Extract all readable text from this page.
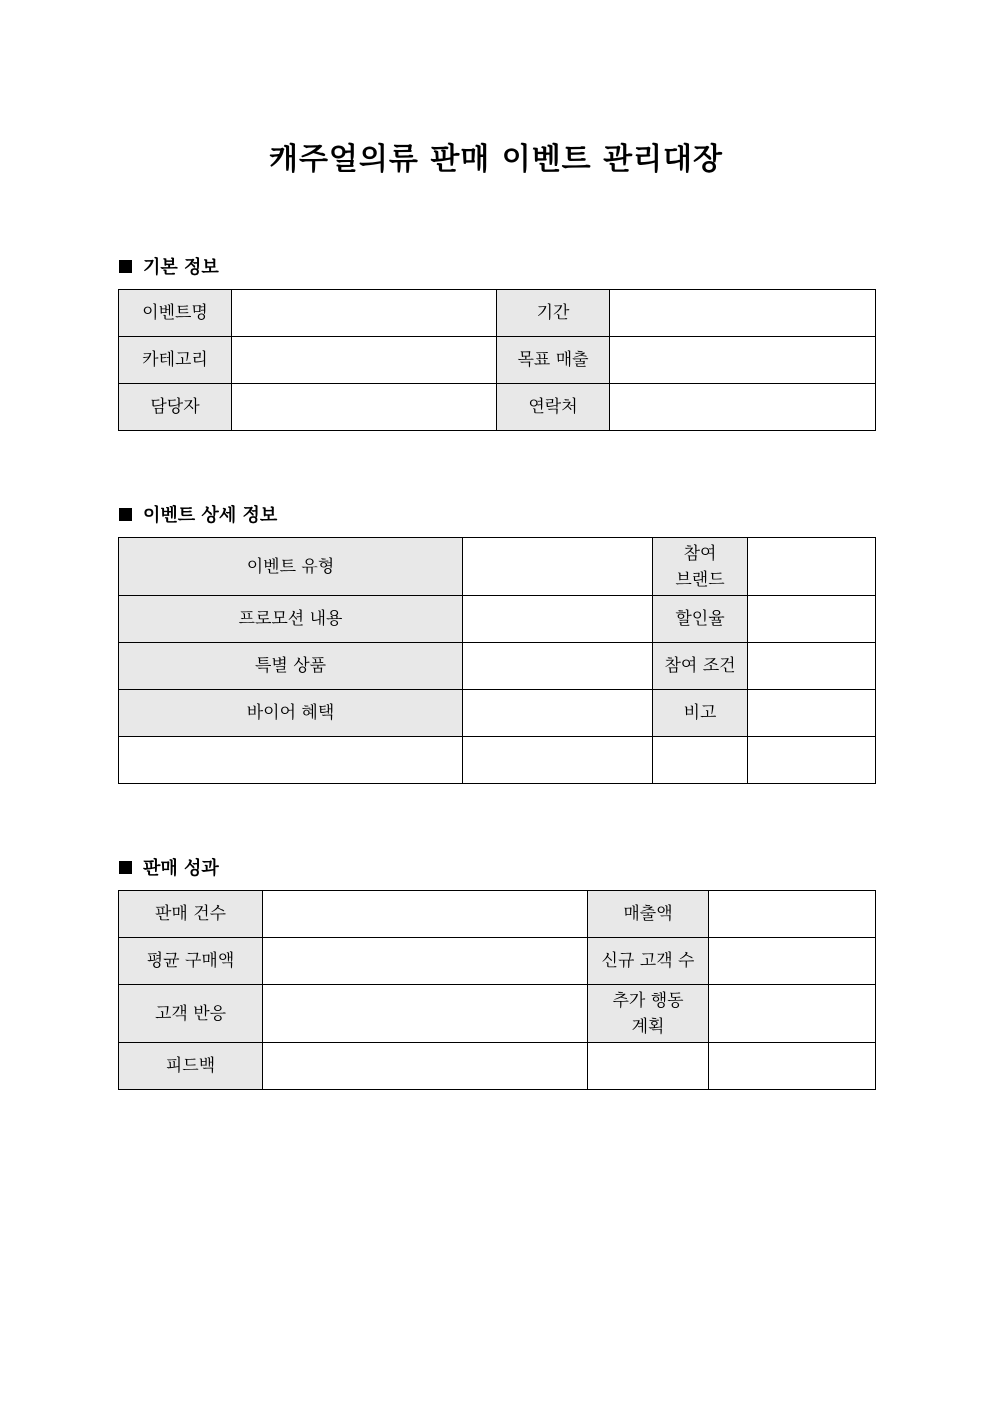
캐주얼의류 판매 이벤트 관리대장
기본 정보
이벤트명		기간	
카테고리		목표 매출	
담당자		연락처	
이벤트 상세 정보
이벤트 유형		참여
브랜드	

프로모션 내용		할인율	
특별 상품		참여 조건	
바이어 혜택		비고	

판매 성과
판매 건수		매출액	
평균 구매액		신규 고객 수	
고객 반응		추가 행동
계획	

피드백			
